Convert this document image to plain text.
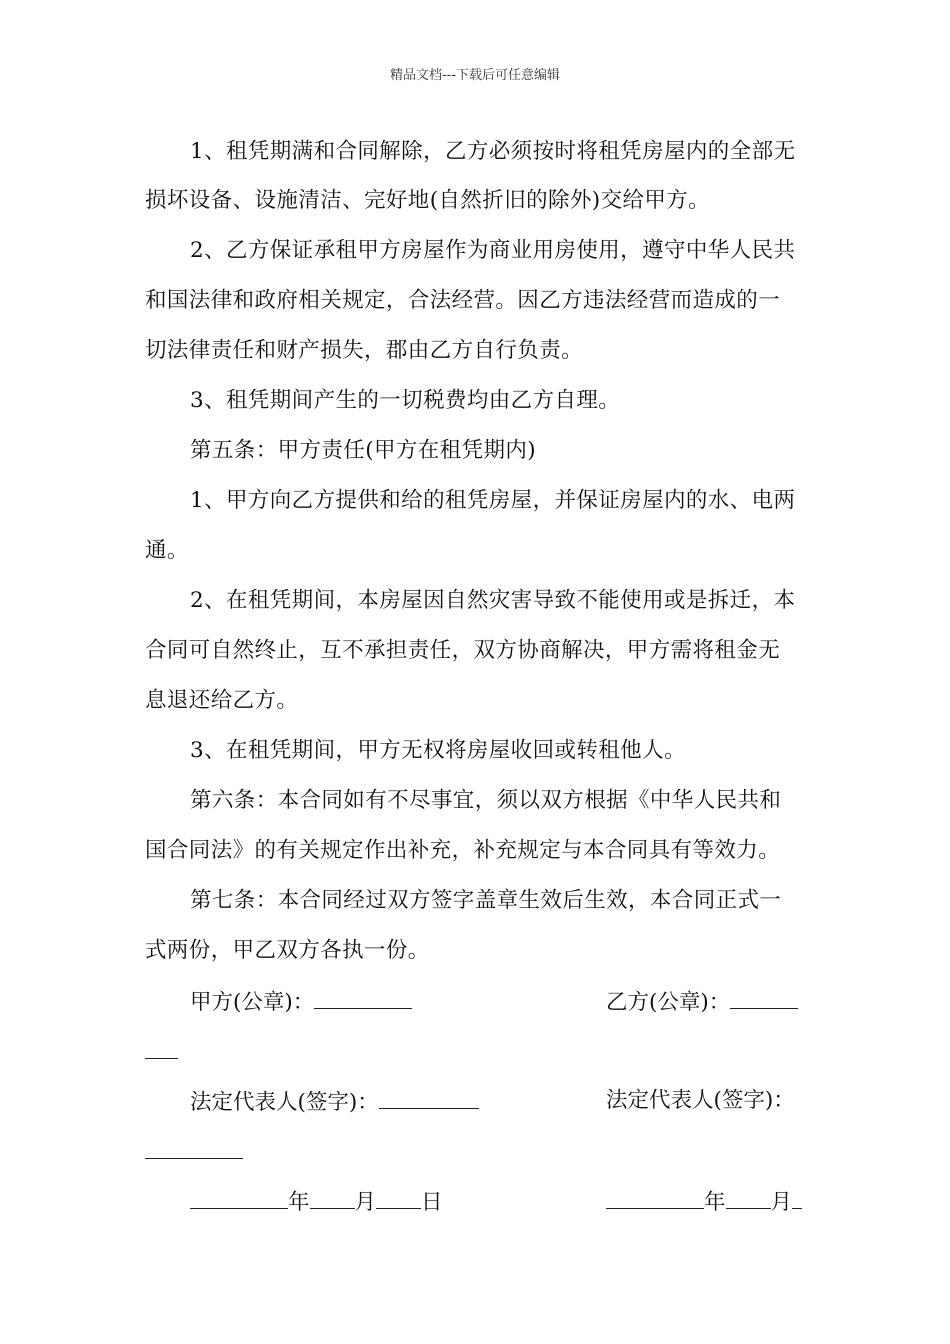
精品文档---下载后可任意编辑
1、租凭期满和合同解除，乙方必须按时将租凭房屋内的全部无
损坏设备、设施清洁、完好地(自然折旧的除外)交给甲方。
2、乙方保证承租甲方房屋作为商业用房使用，遵守中华人民共
和国法律和政府相关规定，合法经营。因乙方违法经营而造成的一
切法律责任和财产损失，郡由乙方自行负责。
3、租凭期间产生的一切税费均由乙方自理。
第五条：甲方责任(甲方在租凭期内)
1、甲方向乙方提供和给的租凭房屋，并保证房屋内的水、电两
通。
2、在租凭期间，本房屋因自然灾害导致不能使用或是拆迁，本
合同可自然终止，互不承担责任，双方协商解决，甲方需将租金无
息退还给乙方。
3、在租凭期间，甲方无权将房屋收回或转租他人。
第六条：本合同如有不尽事宜，须以双方根据《中华人民共和
国合同法》的有关规定作出补充，补充规定与本合同具有等效力。
第七条：本合同经过双方签字盖章生效后生效，本合同正式一
式两份，甲乙双方各执一份。
甲方(公章)：	乙方(公章)：
法定代表人(签字)：	法定代表人(签字)：
年 月 日	年 月
